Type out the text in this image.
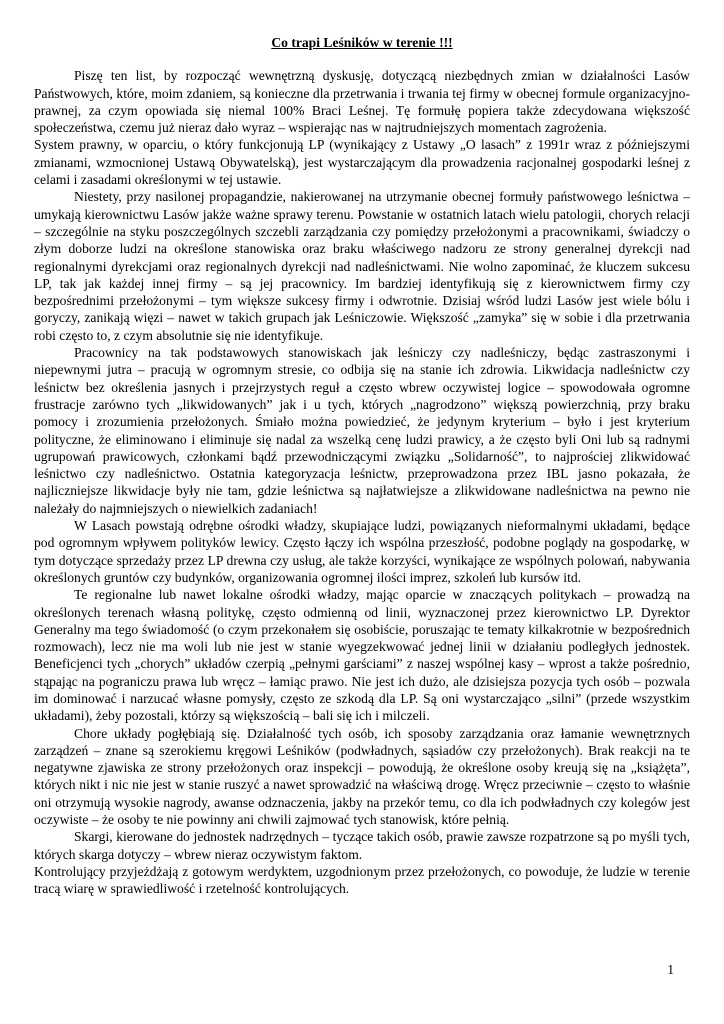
Co trapi Leśników w terenie !!!

Piszę ten list, by rozpocząć wewnętrzną dyskusję, dotyczącą niezbędnych zmian w działalności Lasów Państwowych, które, moim zdaniem, są konieczne dla przetrwania i trwania tej firmy w obecnej formule organizacyjno-prawnej, za czym opowiada się niemal 100% Braci Leśnej. Tę formułę popiera także zdecydowana większość społeczeństwa, czemu już nieraz dało wyraz – wspierając nas w najtrudniejszych momentach zagrożenia.

System prawny, w oparciu, o który funkcjonują LP (wynikający z Ustawy „O lasach” z 1991r wraz z późniejszymi zmianami, wzmocnionej Ustawą Obywatelską), jest wystarczającym dla prowadzenia racjonalnej gospodarki leśnej z celami i zasadami określonymi w tej ustawie.

Niestety, przy nasilonej propagandzie, nakierowanej na utrzymanie obecnej formuły państwowego leśnictwa – umykają kierownictwu Lasów jakże ważne sprawy terenu. Powstanie w ostatnich latach wielu patologii, chorych relacji – szczególnie na styku poszczególnych szczebli zarządzania czy pomiędzy przełożonymi a pracownikami, świadczy o złym doborze ludzi na określone stanowiska oraz braku właściwego nadzoru ze strony generalnej dyrekcji nad regionalnymi dyrekcjami oraz regionalnych dyrekcji nad nadleśnictwami. Nie wolno zapominać, że kluczem sukcesu LP, tak jak każdej innej firmy – są jej pracownicy. Im bardziej identyfikują się z kierownictwem firmy czy bezpośrednimi przełożonymi – tym większe sukcesy firmy i odwrotnie. Dzisiaj wśród ludzi Lasów jest wiele bólu i goryczy, zanikają więzi – nawet w takich grupach jak Leśniczowie. Większość „zamyka” się w sobie i dla przetrwania robi często to, z czym absolutnie się nie identyfikuje.

Pracownicy na tak podstawowych stanowiskach jak leśniczy czy nadleśniczy, będąc zastraszonymi i niepewnymi jutra – pracują w ogromnym stresie, co odbija się na stanie ich zdrowia. Likwidacja nadleśnictw czy leśnictw bez określenia jasnych i przejrzystych reguł a często wbrew oczywistej logice – spowodowała ogromne frustracje zarówno tych „likwidowanych” jak i u tych, których „nagrodzono” większą powierzchnią, przy braku pomocy i zrozumienia przełożonych. Śmiało można powiedzieć, że jedynym kryterium – było i jest kryterium polityczne, że eliminowano i eliminuje się nadal za wszelką cenę ludzi prawicy, a że często byli Oni lub są radnymi ugrupowań prawicowych, członkami bądź przewodniczącymi związku „Solidarność”, to najprościej zlikwidować leśnictwo czy nadleśnictwo. Ostatnia kategoryzacja leśnictw, przeprowadzona przez IBL jasno pokazała, że najliczniejsze likwidacje były nie tam, gdzie leśnictwa są najłatwiejsze a zlikwidowane nadleśnictwa na pewno nie należały do najmniejszych o niewielkich zadaniach!

W Lasach powstają odrębne ośrodki władzy, skupiające ludzi, powiązanych nieformalnymi układami, będące pod ogromnym wpływem polityków lewicy. Często łączy ich wspólna przeszłość, podobne poglądy na gospodarkę, w tym dotyczące sprzedaży przez LP drewna czy usług, ale także korzyści, wynikające ze wspólnych polowań, nabywania określonych gruntów czy budynków, organizowania ogromnej ilości imprez, szkoleń lub kursów itd.

Te regionalne lub nawet lokalne ośrodki władzy, mając oparcie w znaczących politykach – prowadzą na określonych terenach własną politykę, często odmienną od linii, wyznaczonej przez kierownictwo LP. Dyrektor Generalny ma tego świadomość (o czym przekonałem się osobiście, poruszając te tematy kilkakrotnie w bezpośrednich rozmowach), lecz nie ma woli lub nie jest w stanie wyegzekwować jednej linii w działaniu podległych jednostek. Beneficjenci tych „chorych” układów czerpią „pełnymi garściami” z naszej wspólnej kasy – wprost a także pośrednio, stąpając na pograniczu prawa lub wręcz – łamiąc prawo. Nie jest ich dużo, ale dzisiejsza pozycja tych osób – pozwala im dominować i narzucać własne pomysły, często ze szkodą dla LP. Są oni wystarczająco „silni” (przede wszystkim układami), żeby pozostali, którzy są większością – bali się ich i milczeli.

Chore układy pogłębiają się. Działalność tych osób, ich sposoby zarządzania oraz łamanie wewnętrznych zarządzeń – znane są szerokiemu kręgowi Leśników (podwładnych, sąsiadów czy przełożonych). Brak reakcji na te negatywne zjawiska ze strony przełożonych oraz inspekcji – powodują, że określone osoby kreują się na „książęta”, których nikt i nic nie jest w stanie ruszyć a nawet sprowadzić na właściwą drogę. Wręcz przeciwnie – często to właśnie oni otrzymują wysokie nagrody, awanse odznaczenia, jakby na przekór temu, co dla ich podwładnych czy kolegów jest oczywiste – że osoby te nie powinny ani chwili zajmować tych stanowisk, które pełnią.

Skargi, kierowane do jednostek nadrzędnych – tyczące takich osób, prawie zawsze rozpatrzone są po myśli tych, których skarga dotyczy – wbrew nieraz oczywistym faktom.

Kontrolujący przyjeżdżają z gotowym werdyktem, uzgodnionym przez przełożonych, co powoduje, że ludzie w terenie tracą wiarę w sprawiedliwość i rzetelność kontrolujących.

1
